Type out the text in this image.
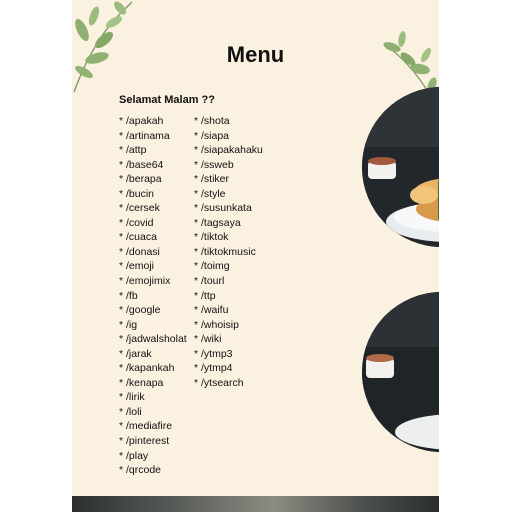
Menu
Selamat Malam ??
* /apakah
* /artinama
* /attp
* /base64
* /berapa
* /bucin
* /cersek
* /covid
* /cuaca
* /donasi
* /emoji
* /emojimix
* /fb
* /google
* /ig
* /jadwalsholat
* /jarak
* /kapankah
* /kenapa
* /lirik
* /loli
* /mediafire
* /pinterest
* /play
* /qrcode
* /shota
* /siapa
* /siapakahaku
* /ssweb
* /stiker
* /style
* /susunkata
* /tagsaya
* /tiktok
* /tiktokmusic
* /toimg
* /tourl
* /ttp
* /waifu
* /whoisip
* /wiki
* /ytmp3
* /ytmp4
* /ytsearch
